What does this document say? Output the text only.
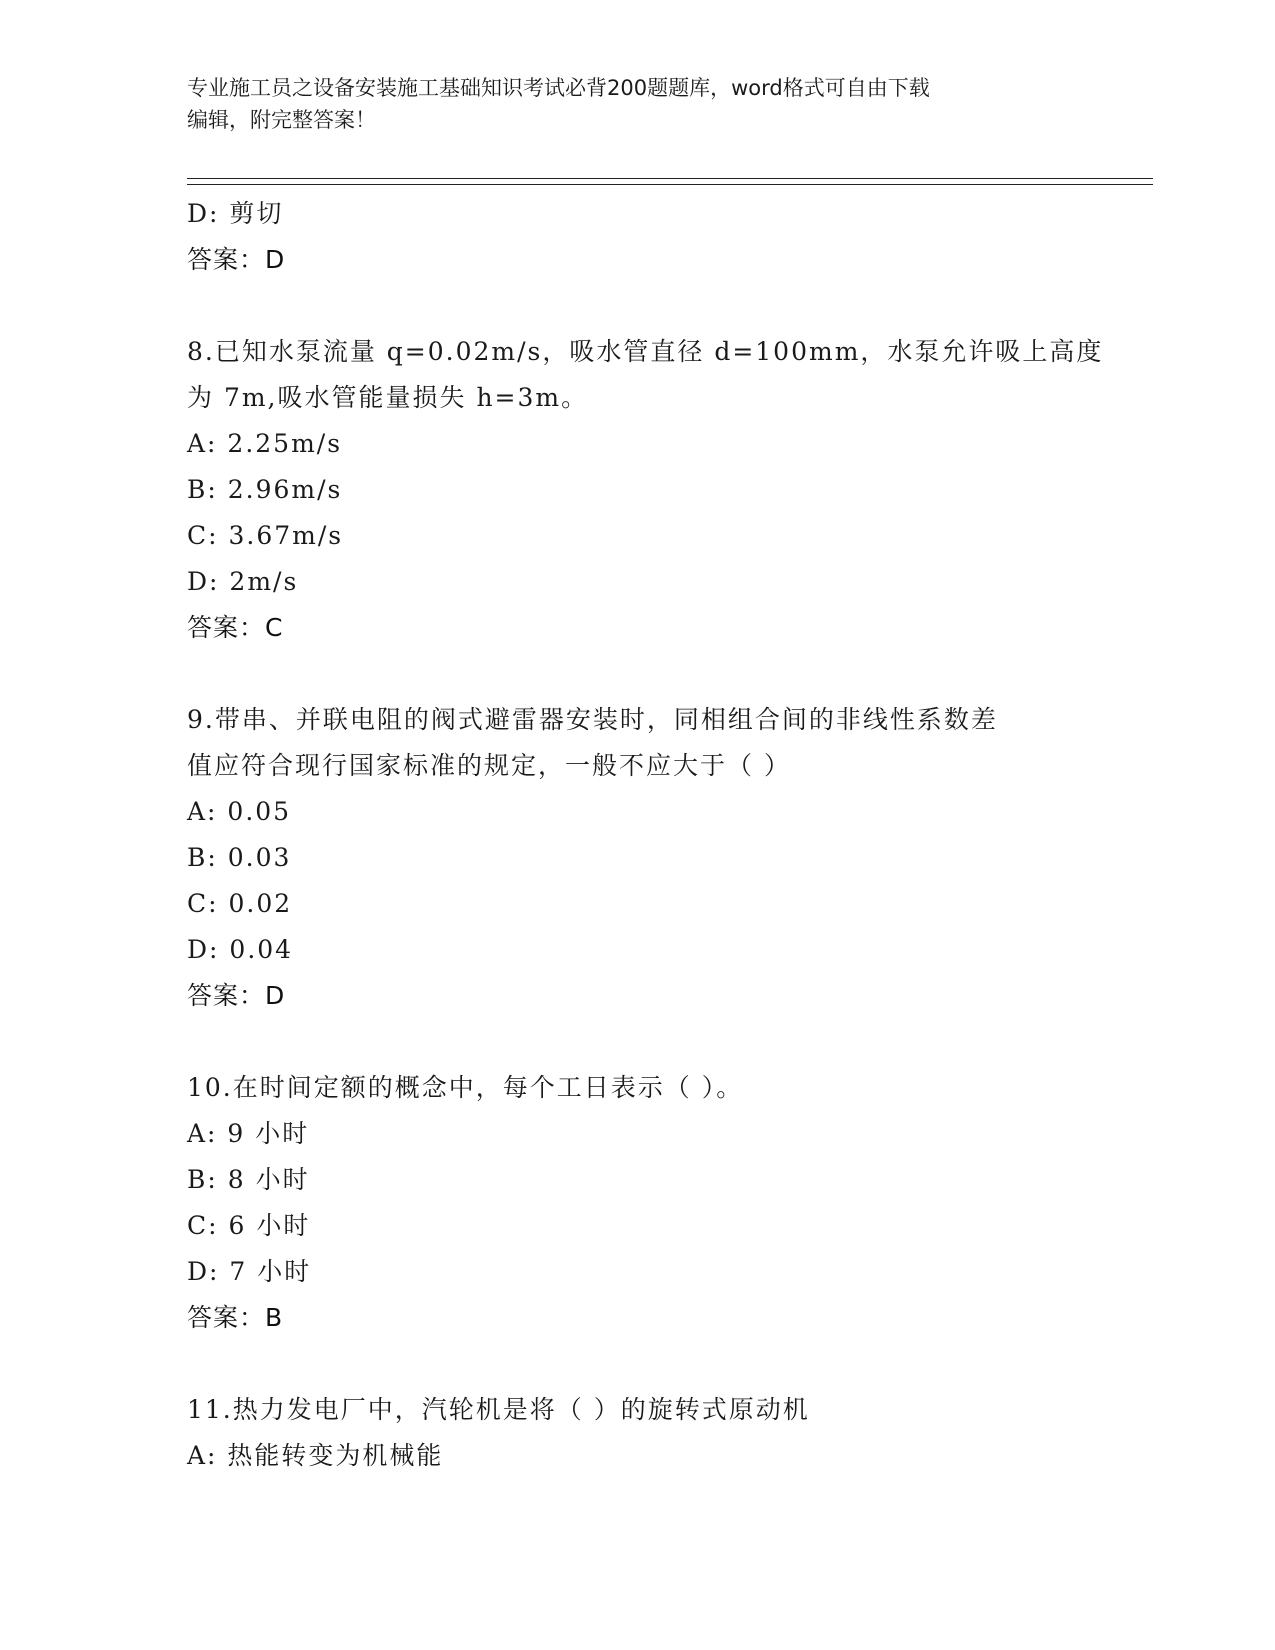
专业施工员之设备安装施工基础知识考试必背200题题库，word格式可自由下载
编辑，附完整答案！
D: 剪切
答案：D
8.已知水泵流量 q=0.02m/s，吸水管直径 d=100mm，水泵允许吸上高度
为 7m,吸水管能量损失 h=3m。
A: 2.25m/s
B: 2.96m/s
C: 3.67m/s
D: 2m/s
答案：C
9.带串、并联电阻的阀式避雷器安装时，同相组合间的非线性系数差
值应符合现行国家标准的规定，一般不应大于（ ）
A: 0.05
B: 0.03
C: 0.02
D: 0.04
答案：D
10.在时间定额的概念中，每个工日表示（ ）。
A: 9 小时
B: 8 小时
C: 6 小时
D: 7 小时
答案：B
11.热力发电厂中，汽轮机是将（ ）的旋转式原动机
A: 热能转变为机械能
